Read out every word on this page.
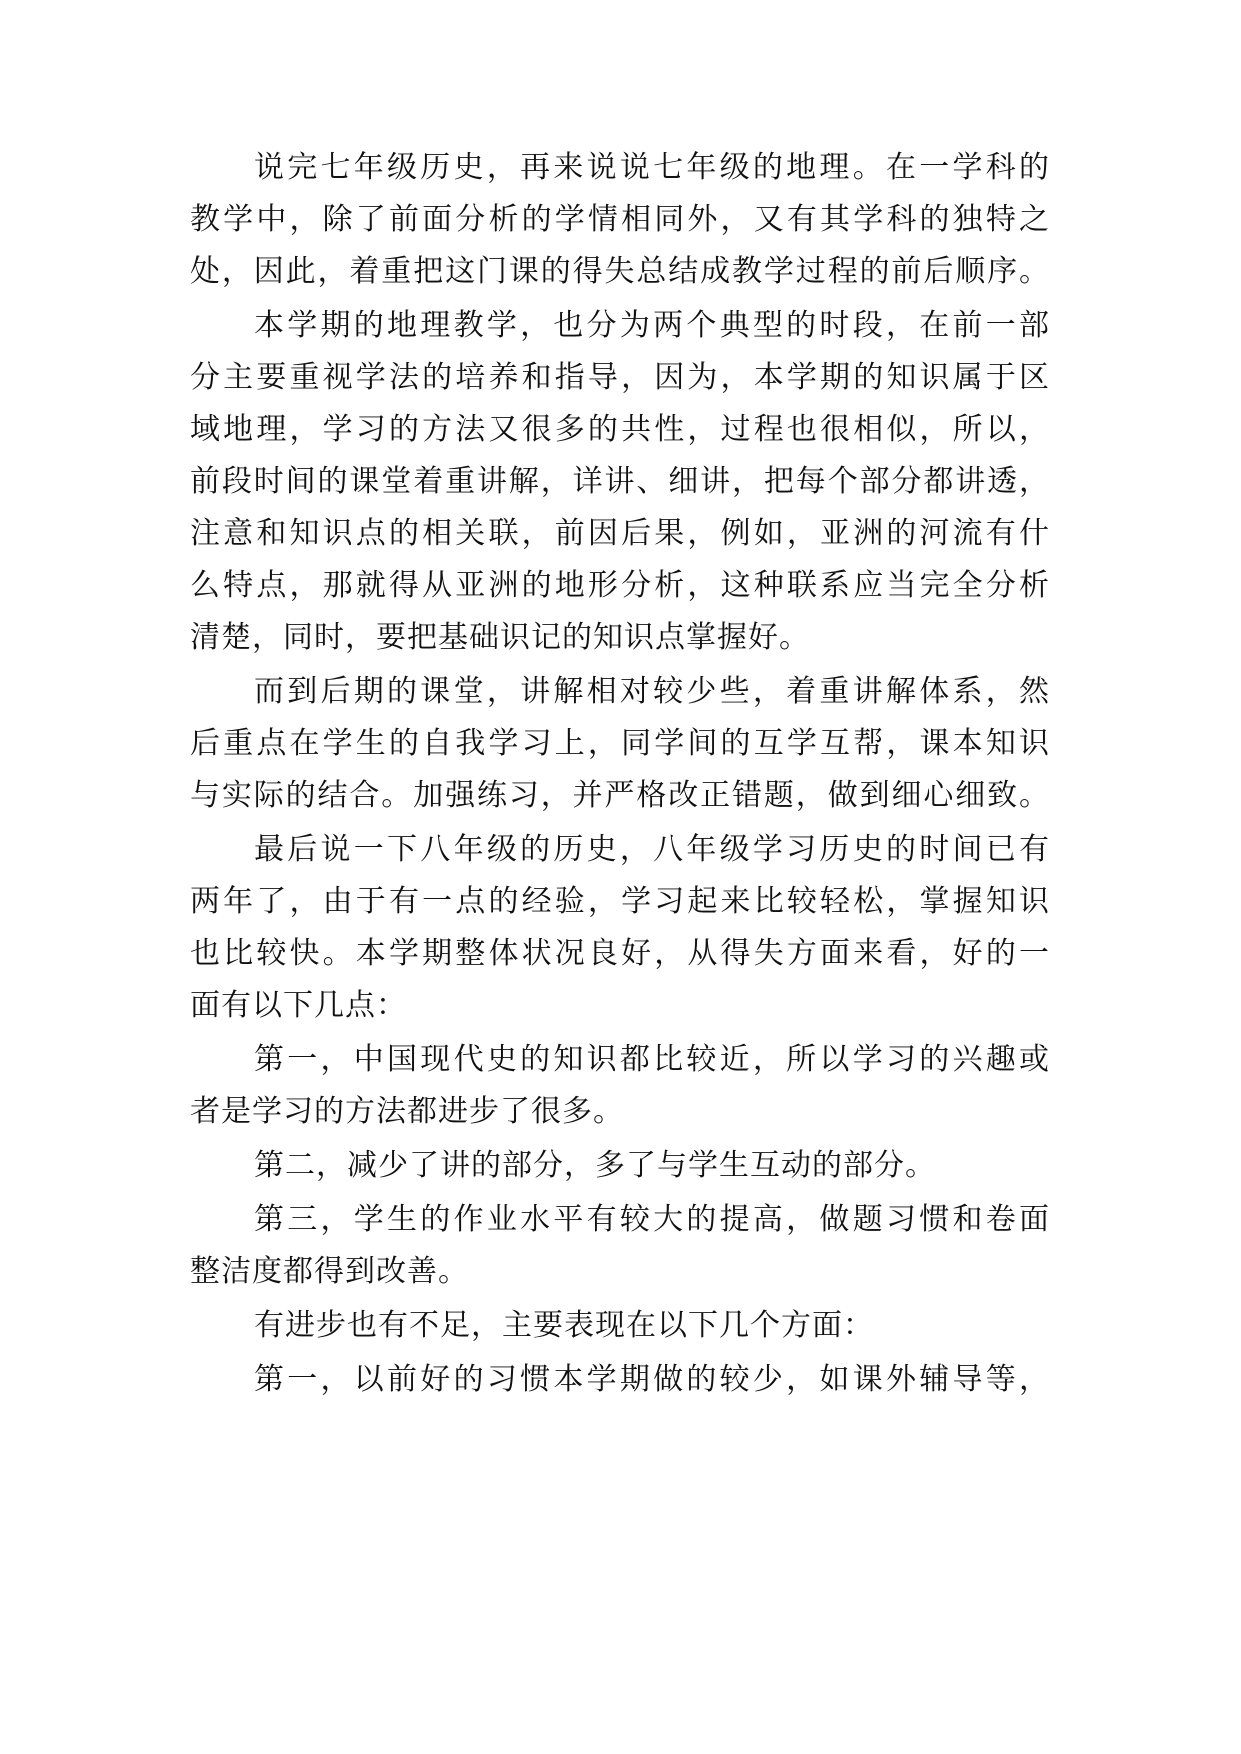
说完七年级历史，再来说说七年级的地理。在一学科的
教学中，除了前面分析的学情相同外，又有其学科的独特之
处，因此，着重把这门课的得失总结成教学过程的前后顺序。
本学期的地理教学，也分为两个典型的时段，在前一部
分主要重视学法的培养和指导，因为，本学期的知识属于区
域地理，学习的方法又很多的共性，过程也很相似，所以，
前段时间的课堂着重讲解，详讲、细讲，把每个部分都讲透，
注意和知识点的相关联，前因后果，例如，亚洲的河流有什
么特点，那就得从亚洲的地形分析，这种联系应当完全分析
清楚，同时，要把基础识记的知识点掌握好。
而到后期的课堂，讲解相对较少些，着重讲解体系，然
后重点在学生的自我学习上，同学间的互学互帮，课本知识
与实际的结合。加强练习，并严格改正错题，做到细心细致。
最后说一下八年级的历史，八年级学习历史的时间已有
两年了，由于有一点的经验，学习起来比较轻松，掌握知识
也比较快。本学期整体状况良好，从得失方面来看，好的一
面有以下几点：
第一，中国现代史的知识都比较近，所以学习的兴趣或
者是学习的方法都进步了很多。
第二，减少了讲的部分，多了与学生互动的部分。
第三，学生的作业水平有较大的提高，做题习惯和卷面
整洁度都得到改善。
有进步也有不足，主要表现在以下几个方面：
第一，以前好的习惯本学期做的较少，如课外辅导等，
